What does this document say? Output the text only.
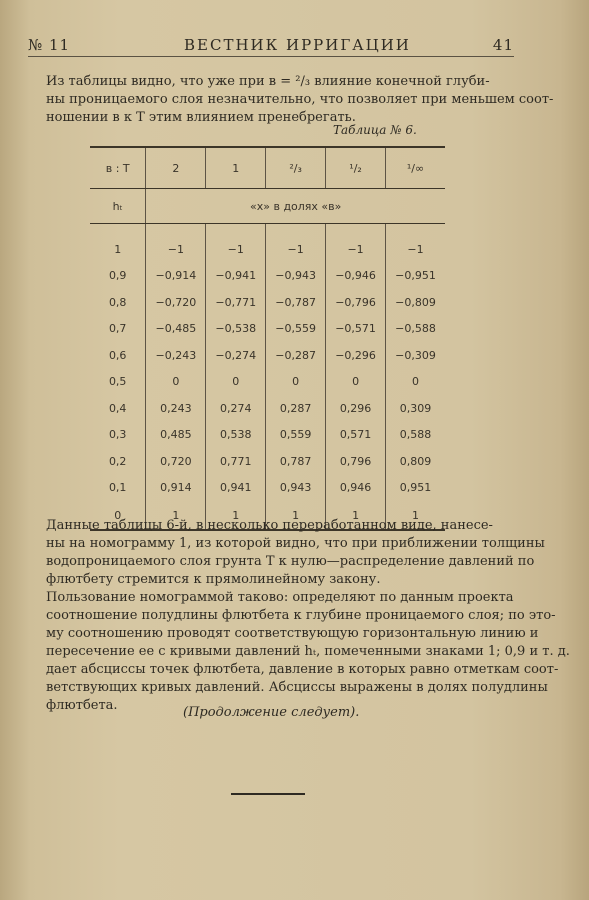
№ 11	ВЕСТНИК ИРРИГАЦИИ	41
Из таблицы видно, что уже при в = ²/₃ влияние конечной глуби-
ны проницаемого слоя незначительно, что позволяет при меньшем соот-
ношении в к Т этим влиянием пренебрегать.
Таблица № 6.
в : Т	2	1	²/₃	¹/₂	¹/∞
hₜ	«x» в долях «в»				

1	−1	−1	−1	−1	−1
0,9	−0,914	−0,941	−0,943	−0,946	−0,951
0,8	−0,720	−0,771	−0,787	−0,796	−0,809
0,7	−0,485	−0,538	−0,559	−0,571	−0,588
0,6	−0,243	−0,274	−0,287	−0,296	−0,309
0,5	0	0	0	0	0
0,4	0,243	0,274	0,287	0,296	0,309
0,3	0,485	0,538	0,559	0,571	0,588
0,2	0,720	0,771	0,787	0,796	0,809
0,1	0,914	0,941	0,943	0,946	0,951
0	1	1	1	1	1
Данные таблицы 6-й, в несколько переработанном виде, нанесе-
ны на номограмму 1, из которой видно, что при приближении толщины
водопроницаемого слоя грунта Т к нулю—распределение давлений по
флютбету стремится к прямолинейному закону.
Пользование номограммой таково: определяют по данным проекта
соотношение полудлины флютбета к глубине проницаемого слоя; по это-
му соотношению проводят соответствующую горизонтальную линию и
пересечение ее с кривыми давлений hₜ, помеченными знаками 1; 0,9 и т. д.
дает абсциссы точек флютбета, давление в которых равно отметкам соот-
ветствующих кривых давлений. Абсциссы выражены в долях полудлины
флютбета.	(Продолжение следует).
